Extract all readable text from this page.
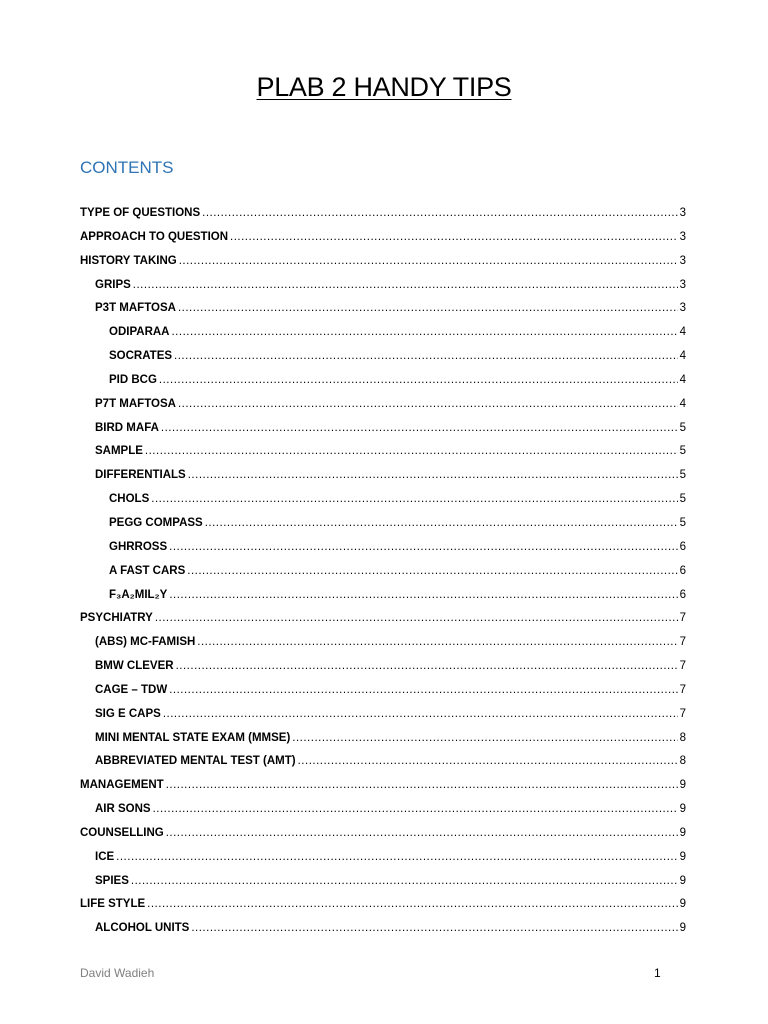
PLAB 2 HANDY TIPS
CONTENTS
TYPE OF QUESTIONS .....	3
APPROACH TO QUESTION .....	3
HISTORY TAKING .....	3
GRIPS .....	3
P3T MAFTOSA .....	3
ODIPARAA .....	4
SOCRATES .....	4
PID BCG .....	4
P7T MAFTOSA .....	4
BIRD MAFA .....	5
SAMPLE .....	5
DIFFERENTIALS .....	5
CHOLS .....	5
PEGG COMPASS .....	5
GHRROSS .....	6
A FAST CARS .....	6
F₃A₂MIL₂Y .....	6
PSYCHIATRY .....	7
(ABS) MC-FAMISH .....	7
BMW CLEVER .....	7
CAGE – TDW .....	7
SIG E CAPS .....	7
MINI MENTAL STATE EXAM (MMSE) .....	8
ABBREVIATED MENTAL TEST (AMT) .....	8
MANAGEMENT .....	9
AIR SONS .....	9
COUNSELLING .....	9
ICE .....	9
SPIES .....	9
LIFE STYLE .....	9
ALCOHOL UNITS .....	9
David Wadieh	1
